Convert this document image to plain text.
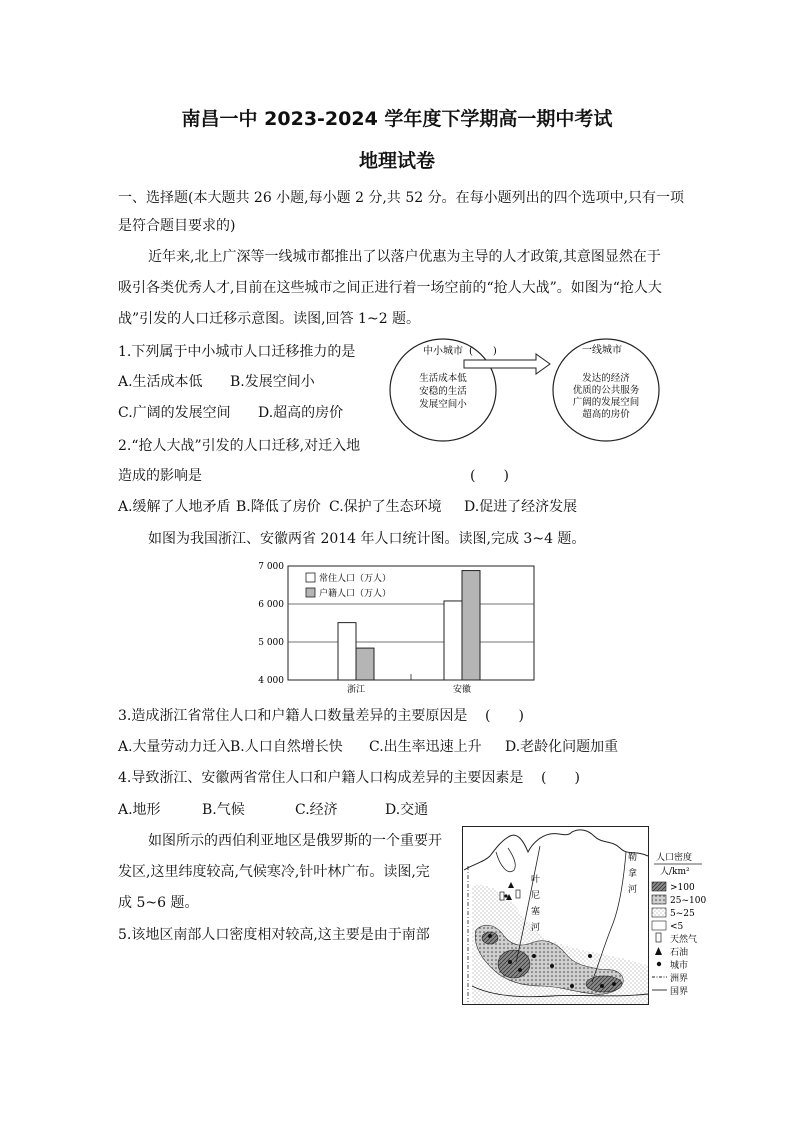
南昌一中 2023-2024 学年度下学期高一期中考试
地理试卷
一、选择题(本大题共 26 小题,每小题 2 分,共 52 分。在每小题列出的四个选项中,只有一项
是符合题目要求的)
近年来,北上广深等一线城市都推出了以落户优惠为主导的人才政策,其意图显然在于
吸引各类优秀人才,目前在这些城市之间正进行着一场空前的“抢人大战”。如图为“抢人大
战”引发的人口迁移示意图。读图,回答 1~2 题。
1.下列属于中小城市人口迁移推力的是
A.生活成本低 B.发展空间小
C.广阔的发展空间 D.超高的房价
中小城市 (　　)
生活成本低
安稳的生活
发展空间小
一线城市
发达的经济
优质的公共服务
广阔的发展空间
超高的房价
2.“抢人大战”引发的人口迁移,对迁入地
造成的影响是	(　　)
A.缓解了人地矛盾 B.降低了房价 C.保护了生态环境 D.促进了经济发展
如图为我国浙江、安徽两省 2014 年人口统计图。读图,完成 3~4 题。
4 000
5 000
6 000
7 000
浙江	安徽
常住人口（万人）
户籍人口（万人）
3.造成浙江省常住人口和户籍人口数量差异的主要原因是 (　　)
A.大量劳动力迁入B.人口自然增长快 C.出生率迅速上升 D.老龄化问题加重
4.导致浙江、安徽两省常住人口和户籍人口构成差异的主要因素是 (　　)
A.地形	B.气候	C.经济	D.交通
如图所示的西伯利亚地区是俄罗斯的一个重要开
发区,这里纬度较高,气候寒冷,针叶林广布。读图,完
成 5~6 题。
5.该地区南部人口密度相对较高,这主要是由于南部
叶
尼
塞
河
勒
拿
河
人口密度
人/km²
>100
25~100
5~25
<5
天然气
石油
城市
洲界
国界
